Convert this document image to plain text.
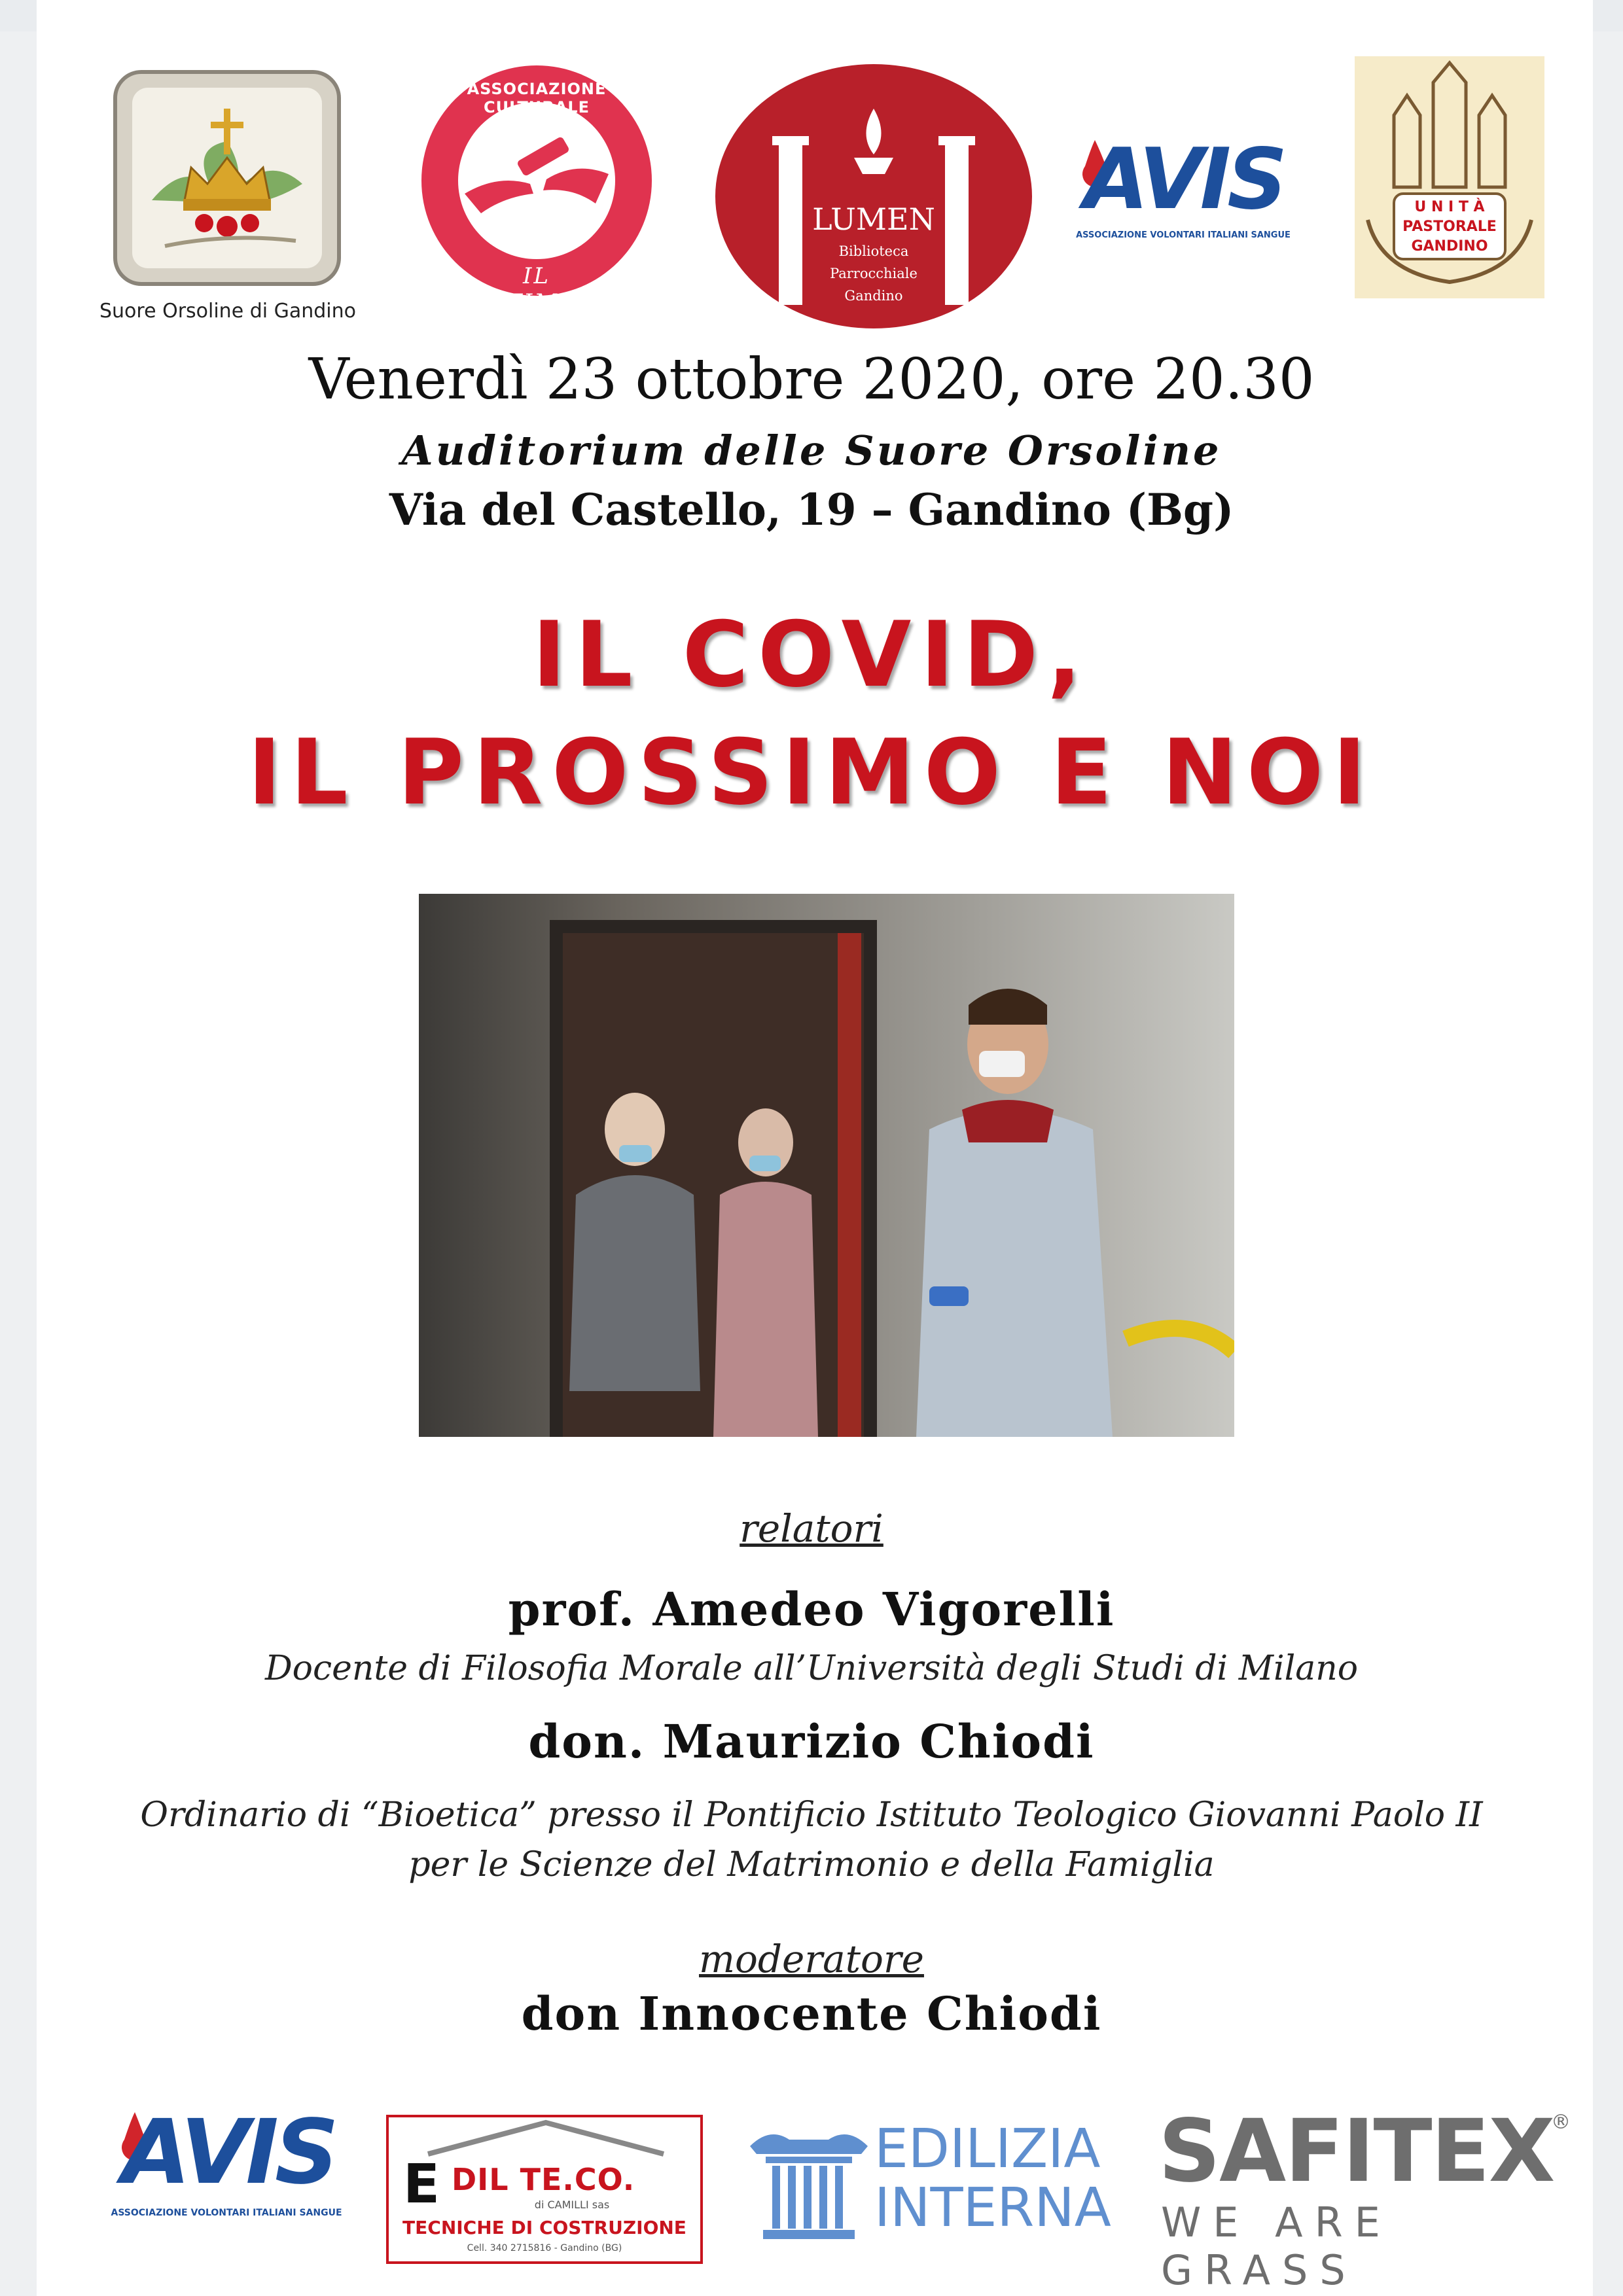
Suore Orsoline di Gandino
ASSOCIAZIONE CULTURALE
IL TESTIMONE
LUMEN
Biblioteca
Parrocchiale
Gandino
AVIS
ASSOCIAZIONE VOLONTARI ITALIANI SANGUE
U N I T À
PASTORALE
GANDINO
Venerdì 23 ottobre 2020, ore 20.30
Auditorium delle Suore Orsoline
Via del Castello, 19 – Gandino (Bg)
IL COVID,
IL PROSSIMO E NOI
relatori
prof. Amedeo Vigorelli
Docente di Filosofia Morale all’Università degli Studi di Milano
don. Maurizio Chiodi
Ordinario di “Bioetica” presso il Pontificio Istituto Teologico Giovanni Paolo II
per le Scienze del Matrimonio e della Famiglia
moderatore
don Innocente Chiodi
AVIS
ASSOCIAZIONE VOLONTARI ITALIANI SANGUE E DIL TE.CO.
di CAMILLI sas
TECNICHE DI COSTRUZIONE
Cell. 340 2715816 - Gandino (BG)
EDILIZIA
INTERNA
SAFITEX
®
WE ARE GRASS
